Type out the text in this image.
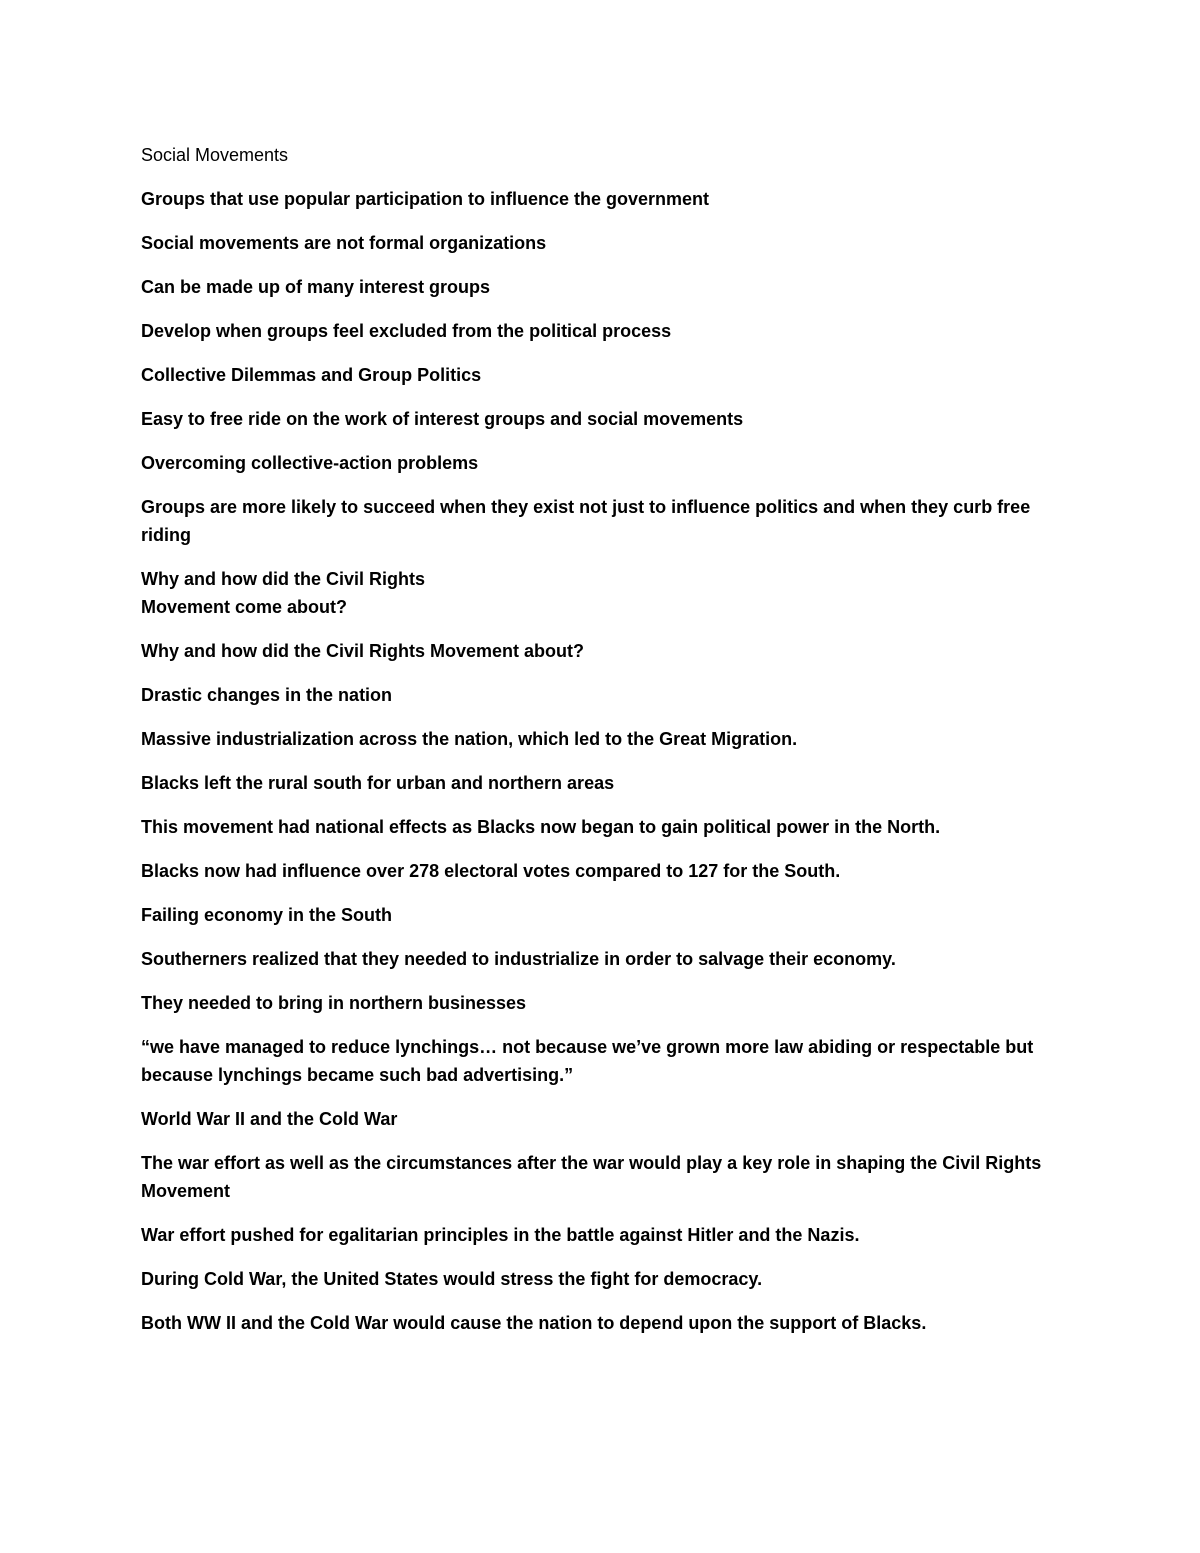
Social Movements

Groups that use popular participation to influence the government

Social movements are not formal organizations

Can be made up of many interest groups

Develop when groups feel excluded from the political process

Collective Dilemmas and Group Politics

Easy to free ride on the work of interest groups and social movements

Overcoming collective-action problems

Groups are more likely to succeed when they exist not just to influence politics and when they curb free riding

Why and how did the Civil Rights
Movement come about?

Why and how did the Civil Rights Movement about?

Drastic changes in the nation

Massive industrialization across the nation, which led to the Great Migration.

Blacks left the rural south for urban and northern areas

This movement had national effects as Blacks now began to gain political power in the North.

Blacks now had influence over 278 electoral votes compared to 127 for the South.

Failing economy in the South

Southerners realized that they needed to industrialize in order to salvage their economy.

They needed to bring in northern businesses

“we have managed to reduce lynchings… not because we’ve grown more law abiding or respectable but because lynchings became such bad advertising.”

World War II and the Cold War

The war effort as well as the circumstances after the war would play a key role in shaping the Civil Rights Movement

War effort pushed for egalitarian principles in the battle against Hitler and the Nazis.

During Cold War, the United States would stress the fight for democracy.

Both WW II and the Cold War would cause the nation to depend upon the support of Blacks.
